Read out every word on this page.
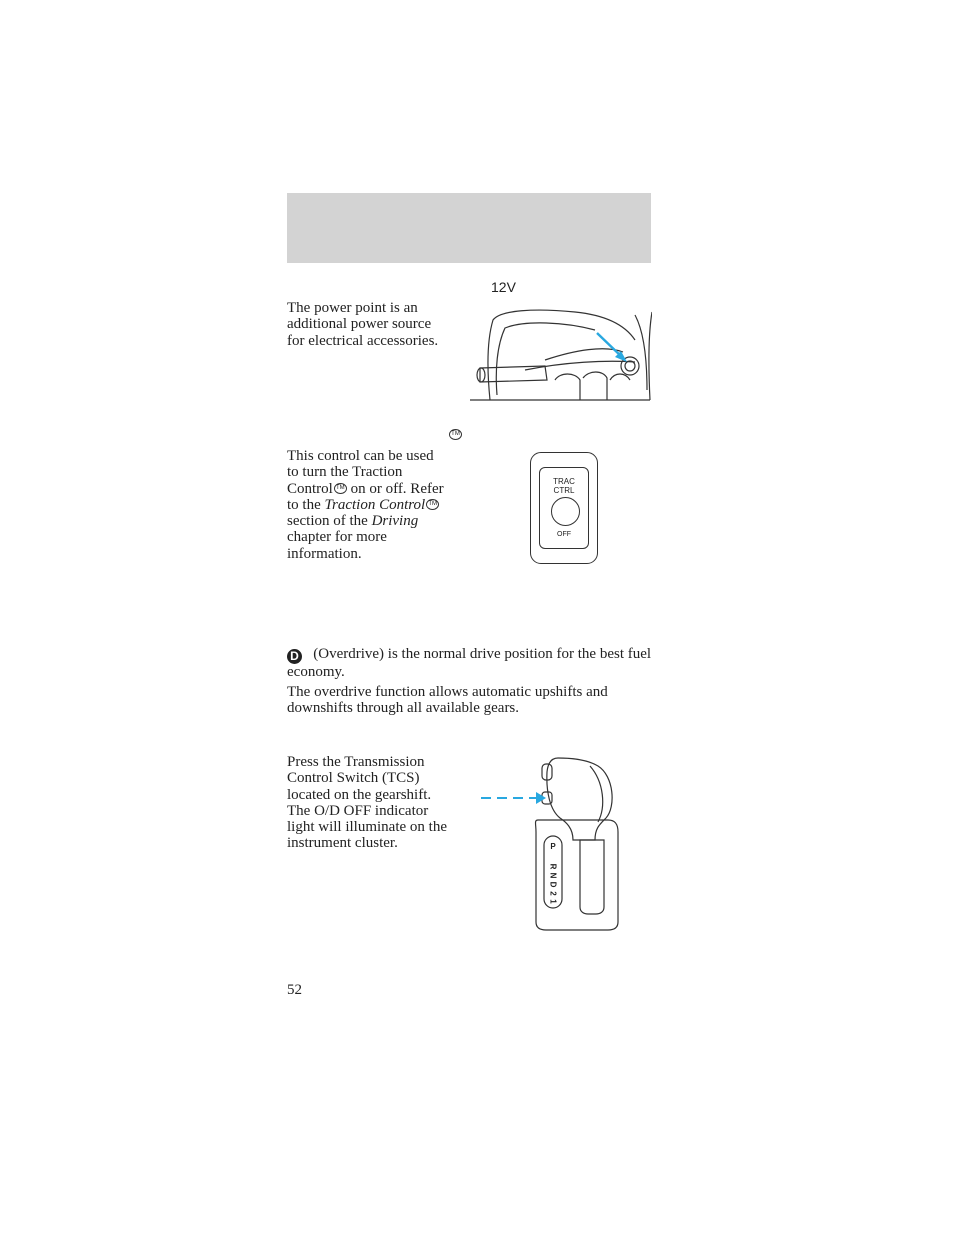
12V
The power point is an additional power source for electrical accessories.
TM
This control can be used to turn the Traction Control TM on or off. Refer to the Traction Control TM section of the Driving chapter for more information.
TRAC
CTRL
OFF
D (Overdrive) is the normal drive position for the best fuel economy.
The overdrive function allows automatic upshifts and downshifts through all available gears.
Press the Transmission Control Switch (TCS) located on the gearshift. The O/D OFF indicator light will illuminate on the instrument cluster.	P
R
N
D
2
1
52
